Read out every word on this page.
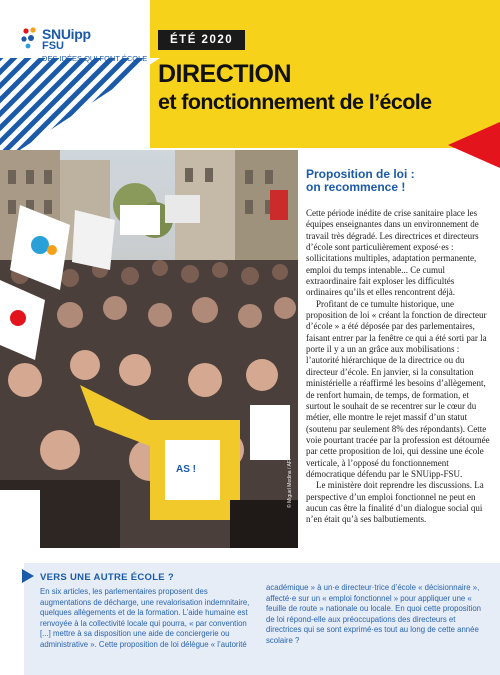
SNUipp
FSU
DES IDÉES QUI FONT ÉCOLE
ÉTÉ 2020
DIRECTION
et fonctionnement de l’école
AS !	© Miguel Medina / AFP
Proposition de loi :
on recommence !

Cette période inédite de crise sanitaire place les équipes enseignantes dans un environnement de travail très dégradé. Les directrices et directeurs d’école sont particulièrement exposé·es : sollicitations multiples, adaptation permanente, emploi du temps intenable... Ce cumul extraordinaire fait exploser les difficultés ordinaires qu’ils et elles rencontrent déjà.

Profitant de ce tumulte historique, une proposition de loi « créant la fonction de directeur d’école » a été déposée par des parlementaires, faisant entrer par la fenêtre ce qui a été sorti par la porte il y a un an grâce aux mobilisations : l’autorité hiérarchique de la directrice ou du directeur d’école. En janvier, si la consultation ministérielle a réaffirmé les besoins d’allègement, de renfort humain, de temps, de formation, et surtout le souhait de se recentrer sur le cœur du métier, elle montre le rejet massif d’un statut (soutenu par seulement 8% des répondants). Cette voie pourtant tracée par la profession est détournée par cette proposition de loi, qui dessine une école verticale, à l’opposé du fonctionnement démocratique défendu par le SNUipp-FSU.

Le ministère doit reprendre les discussions. La perspective d’un emploi fonctionnel ne peut en aucun cas être la finalité d’un dialogue social qui n’en était qu’à ses balbutiements.

VERS UNE AUTRE ÉCOLE ?
En six articles, les parlementaires proposent des augmentations de décharge, une revalorisation indemnitaire, quelques allègements et de la formation. L’aide humaine est renvoyée à la collectivité locale qui pourra, « par convention [...] mettre à sa disposition une aide de conciergerie ou administrative ». Cette proposition de loi délègue « l’autorité
académique » à un·e directeur·trice d’école « décisionnaire », affecté·e sur un « emploi fonctionnel » pour appliquer une « feuille de route » nationale ou locale. En quoi cette proposition de loi répond-elle aux préoccupations des directeurs et directrices qui se sont exprimé·es tout au long de cette année scolaire ?
